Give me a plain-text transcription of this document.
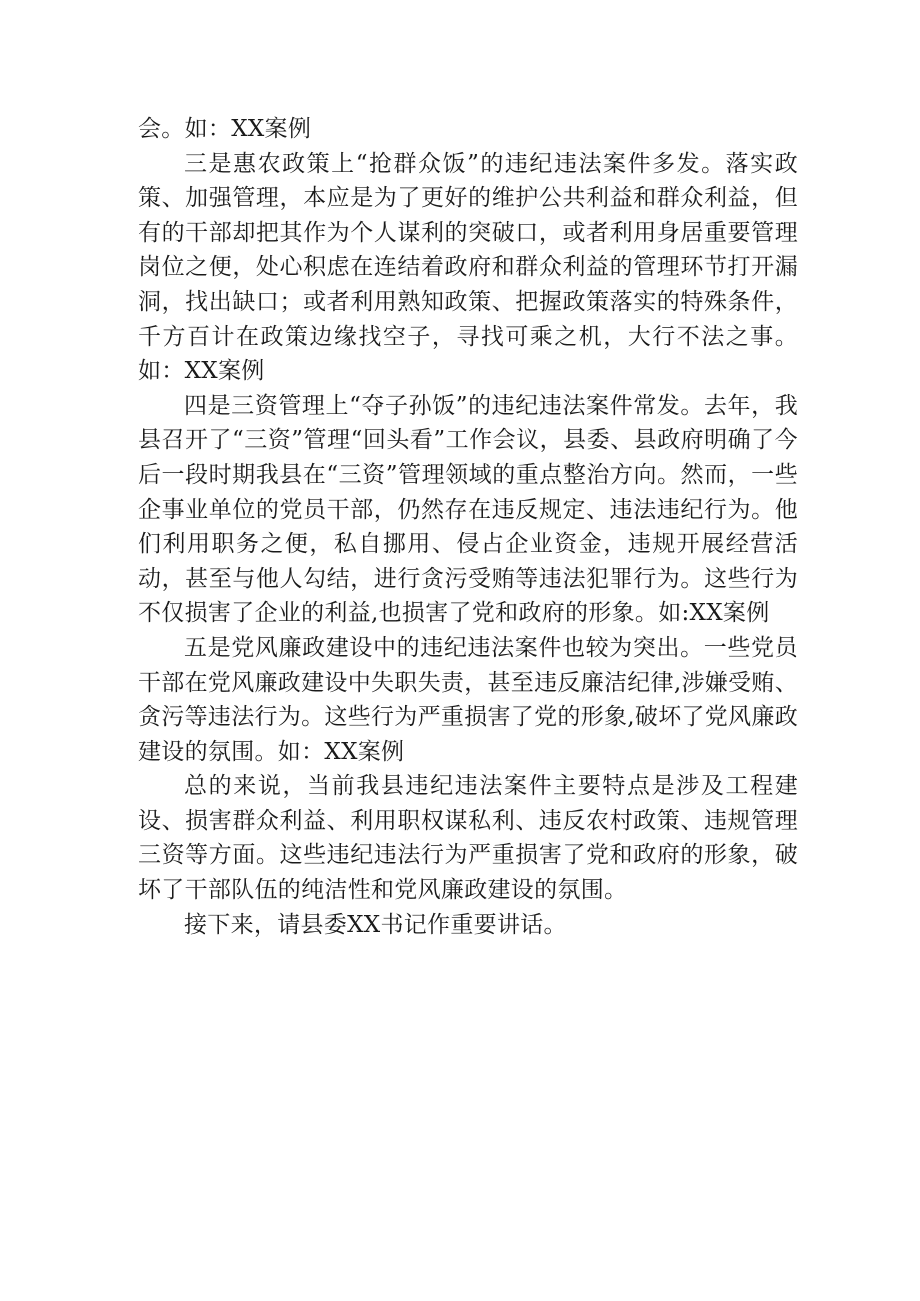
会。如：XX案例

三是惠农政策上“抢群众饭”的违纪违法案件多发。落实政策、加强管理，本应是为了更好的维护公共利益和群众利益，但有的干部却把其作为个人谋利的突破口，或者利用身居重要管理岗位之便，处心积虑在连结着政府和群众利益的管理环节打开漏洞，找出缺口；或者利用熟知政策、把握政策落实的特殊条件，千方百计在政策边缘找空子，寻找可乘之机，大行不法之事。如：XX案例

四是三资管理上“夺子孙饭”的违纪违法案件常发。去年，我县召开了“三资”管理“回头看”工作会议，县委、县政府明确了今后一段时期我县在“三资”管理领域的重点整治方向。然而，一些企事业单位的党员干部，仍然存在违反规定、违法违纪行为。他们利用职务之便，私自挪用、侵占企业资金，违规开展经营活动，甚至与他人勾结，进行贪污受贿等违法犯罪行为。这些行为不仅损害了企业的利益,也损害了党和政府的形象。如:XX案例

五是党风廉政建设中的违纪违法案件也较为突出。一些党员干部在党风廉政建设中失职失责，甚至违反廉洁纪律,涉嫌受贿、贪污等违法行为。这些行为严重损害了党的形象,破坏了党风廉政建设的氛围。如：XX案例

总的来说，当前我县违纪违法案件主要特点是涉及工程建设、损害群众利益、利用职权谋私利、违反农村政策、违规管理三资等方面。这些违纪违法行为严重损害了党和政府的形象，破坏了干部队伍的纯洁性和党风廉政建设的氛围。

接下来，请县委XX书记作重要讲话。
